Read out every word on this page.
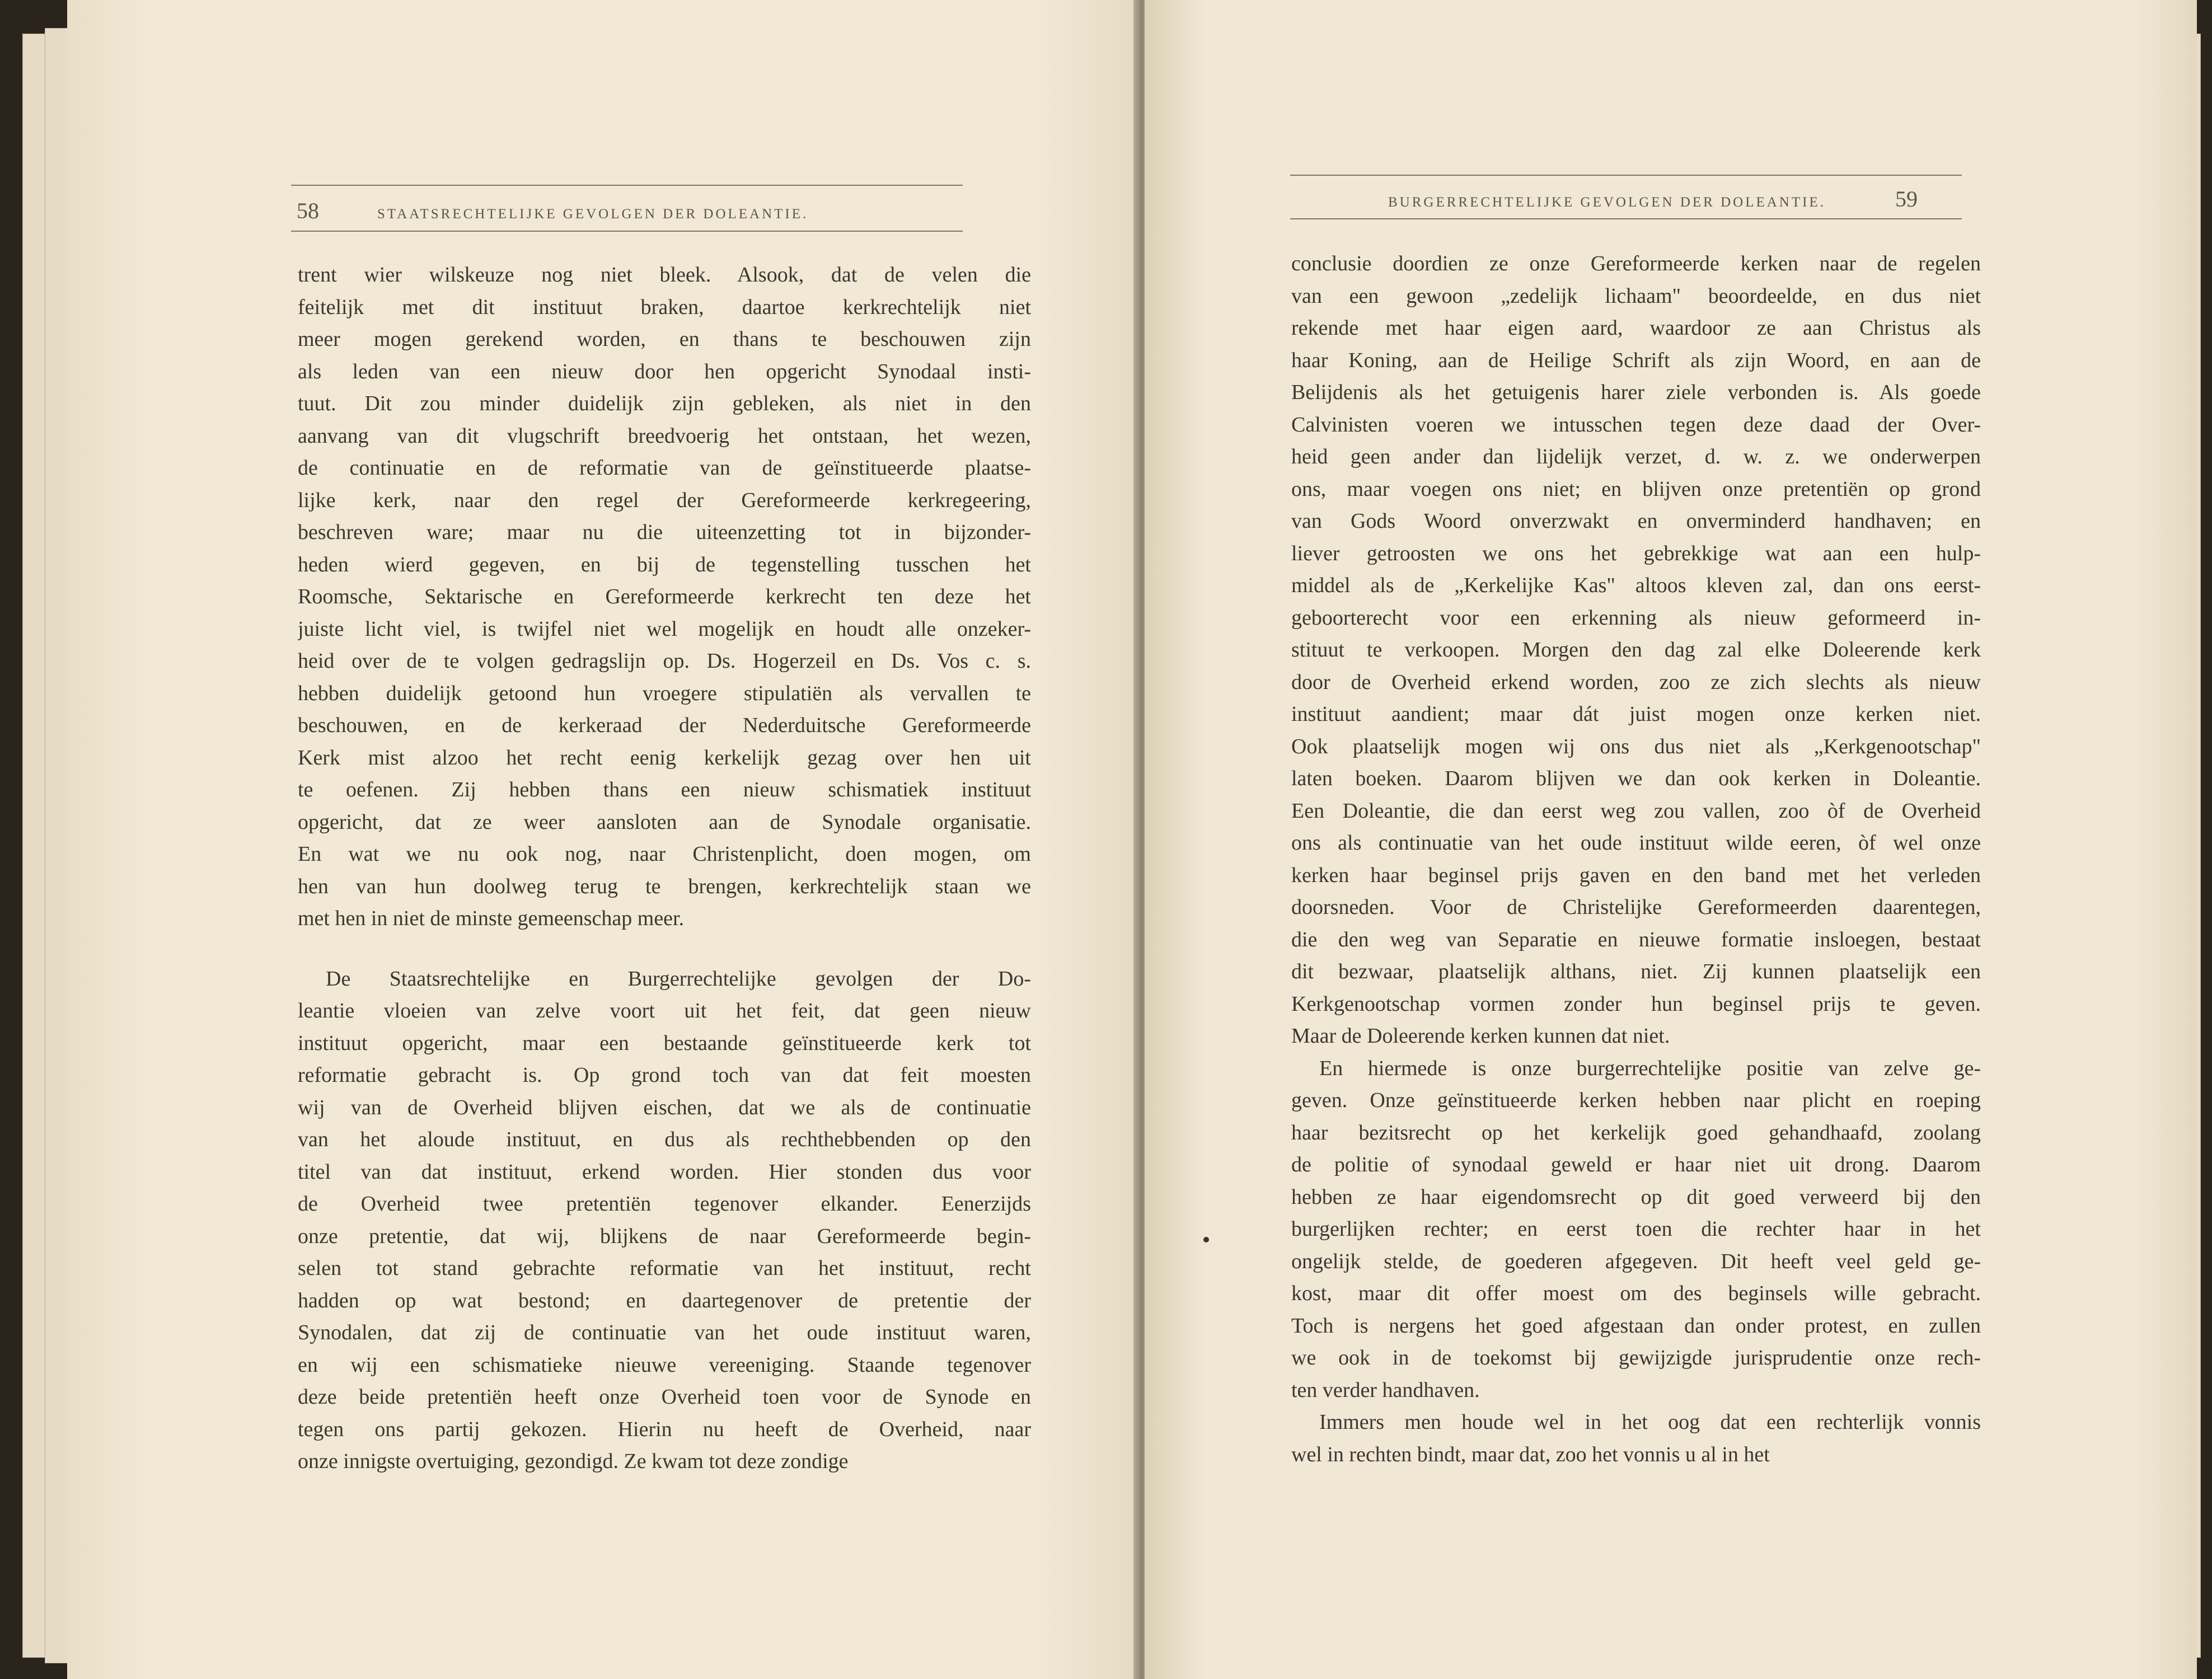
58	STAATSRECHTELIJKE GEVOLGEN DER DOLEANTIE.
trent wier wilskeuze nog niet bleek. Alsook, dat de velen die
feitelijk met dit instituut braken, daartoe kerkrechtelijk niet
meer mogen gerekend worden, en thans te beschouwen zijn
als leden van een nieuw door hen opgericht Synodaal insti-
tuut. Dit zou minder duidelijk zijn gebleken, als niet in den
aanvang van dit vlugschrift breedvoerig het ontstaan, het wezen,
de continuatie en de reformatie van de geïnstitueerde plaatse-
lijke kerk, naar den regel der Gereformeerde kerkregeering,
beschreven ware; maar nu die uiteenzetting tot in bijzonder-
heden wierd gegeven, en bij de tegenstelling tusschen het
Roomsche, Sektarische en Gereformeerde kerkrecht ten deze het
juiste licht viel, is twijfel niet wel mogelijk en houdt alle onzeker-
heid over de te volgen gedragslijn op. Ds. Hogerzeil en Ds. Vos c. s.
hebben duidelijk getoond hun vroegere stipulatiën als vervallen te
beschouwen, en de kerkeraad der Nederduitsche Gereformeerde
Kerk mist alzoo het recht eenig kerkelijk gezag over hen uit
te oefenen. Zij hebben thans een nieuw schismatiek instituut
opgericht, dat ze weer aansloten aan de Synodale organisatie.
En wat we nu ook nog, naar Christenplicht, doen mogen, om
hen van hun doolweg terug te brengen, kerkrechtelijk staan we
met hen in niet de minste gemeenschap meer.
De Staatsrechtelijke en Burgerrechtelijke gevolgen der Do-
leantie vloeien van zelve voort uit het feit, dat geen nieuw
instituut opgericht, maar een bestaande geïnstitueerde kerk tot
reformatie gebracht is. Op grond toch van dat feit moesten
wij van de Overheid blijven eischen, dat we als de continuatie
van het aloude instituut, en dus als rechthebbenden op den
titel van dat instituut, erkend worden. Hier stonden dus voor
de Overheid twee pretentiën tegenover elkander. Eenerzijds
onze pretentie, dat wij, blijkens de naar Gereformeerde begin-
selen tot stand gebrachte reformatie van het instituut, recht
hadden op wat bestond; en daartegenover de pretentie der
Synodalen, dat zij de continuatie van het oude instituut waren,
en wij een schismatieke nieuwe vereeniging. Staande tegenover
deze beide pretentiën heeft onze Overheid toen voor de Synode en
tegen ons partij gekozen. Hierin nu heeft de Overheid, naar
onze innigste overtuiging, gezondigd. Ze kwam tot deze zondige
BURGERRECHTELIJKE GEVOLGEN DER DOLEANTIE.	59
conclusie doordien ze onze Gereformeerde kerken naar de regelen
van een gewoon „zedelijk lichaam" beoordeelde, en dus niet
rekende met haar eigen aard, waardoor ze aan Christus als
haar Koning, aan de Heilige Schrift als zijn Woord, en aan de
Belijdenis als het getuigenis harer ziele verbonden is. Als goede
Calvinisten voeren we intusschen tegen deze daad der Over-
heid geen ander dan lijdelijk verzet, d. w. z. we onderwerpen
ons, maar voegen ons niet; en blijven onze pretentiën op grond
van Gods Woord onverzwakt en onverminderd handhaven; en
liever getroosten we ons het gebrekkige wat aan een hulp-
middel als de „Kerkelijke Kas" altoos kleven zal, dan ons eerst-
geboorterecht voor een erkenning als nieuw geformeerd in-
stituut te verkoopen. Morgen den dag zal elke Doleerende kerk
door de Overheid erkend worden, zoo ze zich slechts als nieuw
instituut aandient; maar dát juist mogen onze kerken niet.
Ook plaatselijk mogen wij ons dus niet als „Kerkgenootschap"
laten boeken. Daarom blijven we dan ook kerken in Doleantie.
Een Doleantie, die dan eerst weg zou vallen, zoo òf de Overheid
ons als continuatie van het oude instituut wilde eeren, òf wel onze
kerken haar beginsel prijs gaven en den band met het verleden
doorsneden. Voor de Christelijke Gereformeerden daarentegen,
die den weg van Separatie en nieuwe formatie insloegen, bestaat
dit bezwaar, plaatselijk althans, niet. Zij kunnen plaatselijk een
Kerkgenootschap vormen zonder hun beginsel prijs te geven.
Maar de Doleerende kerken kunnen dat niet.
En hiermede is onze burgerrechtelijke positie van zelve ge-
geven. Onze geïnstitueerde kerken hebben naar plicht en roeping
haar bezitsrecht op het kerkelijk goed gehandhaafd, zoolang
de politie of synodaal geweld er haar niet uit drong. Daarom
hebben ze haar eigendomsrecht op dit goed verweerd bij den
burgerlijken rechter; en eerst toen die rechter haar in het
ongelijk stelde, de goederen afgegeven. Dit heeft veel geld ge-
kost, maar dit offer moest om des beginsels wille gebracht.
Toch is nergens het goed afgestaan dan onder protest, en zullen
we ook in de toekomst bij gewijzigde jurisprudentie onze rech-
ten verder handhaven.
Immers men houde wel in het oog dat een rechterlijk vonnis
wel in rechten bindt, maar dat, zoo het vonnis u al in het
